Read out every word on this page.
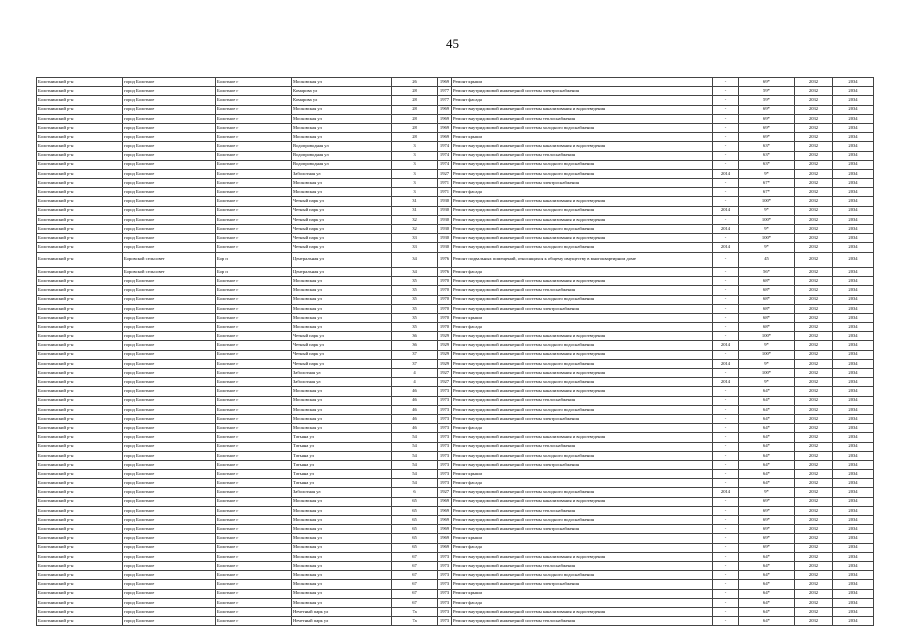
45
Болотнинский р-н	город Болотное	Болотное г	Московская ул	26	1969	Ремонт крыши	-	69*	2032	2034
Болотнинский р-н	город Болотное	Болотное г	Комарова ул	28	1977	Ремонт внутридомовой инженерной системы электроснабжения	-	59*	2032	2034
Болотнинский р-н	город Болотное	Болотное г	Комарова ул	28	1977	Ремонт фасада	-	59*	2032	2034
Болотнинский р-н	город Болотное	Болотное г	Московская ул	28	1969	Ремонт внутридомовой инженерной системы канализования и водоотведения	-	69*	2032	2034
Болотнинский р-н	город Болотное	Болотное г	Московская ул	28	1969	Ремонт внутридомовой инженерной системы теплоснабжения	-	69*	2032	2034
Болотнинский р-н	город Болотное	Болотное г	Московская ул	28	1969	Ремонт внутридомовой инженерной системы холодного водоснабжения	-	69*	2032	2034
Болотнинский р-н	город Болотное	Болотное г	Московская ул	28	1969	Ремонт крыши	-	69*	2032	2034
Болотнинский р-н	город Болотное	Болотное г	Водопроводная ул	3	1974	Ремонт внутридомовой инженерной системы канализования и водоотведения	-	63*	2032	2034
Болотнинский р-н	город Болотное	Болотное г	Водопроводная ул	3	1974	Ремонт внутридомовой инженерной системы теплоснабжения	-	63*	2032	2034
Болотнинский р-н	город Болотное	Болотное г	Водопроводная ул	3	1974	Ремонт внутридомовой инженерной системы холодного водоснабжения	-	63*	2032	2034
Болотнинский р-н	город Болотное	Болотное г	Заболотная ул	3	1927	Ремонт внутридомовой инженерной системы холодного водоснабжения	2014	9*	2032	2034
Болотнинский р-н	город Болотное	Болотное г	Московская ул	3	1971	Ремонт внутридомовой инженерной системы электроснабжения	-	67*	2032	2034
Болотнинский р-н	город Болотное	Болотное г	Московская ул	3	1971	Ремонт фасада	-	67*	2032	2034
Болотнинский р-н	город Болотное	Болотное г	Четный парк ул	31	1930	Ремонт внутридомовой инженерной системы канализования и водоотведения	-	100*	2032	2034
Болотнинский р-н	город Болотное	Болотное г	Четный парк ул	31	1930	Ремонт внутридомовой инженерной системы холодного водоснабжения	2014	9*	2032	2034
Болотнинский р-н	город Болотное	Болотное г	Четный парк ул	32	1930	Ремонт внутридомовой инженерной системы канализования и водоотведения	-	100*	2032	2034
Болотнинский р-н	город Болотное	Болотное г	Четный парк ул	32	1930	Ремонт внутридомовой инженерной системы холодного водоснабжения	2014	9*	2032	2034
Болотнинский р-н	город Болотное	Болотное г	Четный парк ул	33	1930	Ремонт внутридомовой инженерной системы канализования и водоотведения	-	100*	2032	2034
Болотнинский р-н	город Болотное	Болотное г	Четный парк ул	33	1930	Ремонт внутридомовой инженерной системы холодного водоснабжения	2014	9*	2032	2034
Болотнинский р-н	Боровской сельсовет	Бор п	Центральная ул	34	1976	Ремонт подвальных помещений, относящихся к общему имуществу в многоквартирном доме	-	45	2032	2034
Болотнинский р-н	Боровской сельсовет	Бор п	Центральная ул	34	1976	Ремонт фасада	-	56*	2032	2034
Болотнинский р-н	город Болотное	Болотное г	Московская ул	35	1970	Ремонт внутридомовой инженерной системы канализования и водоотведения	-	68*	2032	2034
Болотнинский р-н	город Болотное	Болотное г	Московская ул	35	1970	Ремонт внутридомовой инженерной системы теплоснабжения	-	68*	2032	2034
Болотнинский р-н	город Болотное	Болотное г	Московская ул	35	1970	Ремонт внутридомовой инженерной системы холодного водоснабжения	-	68*	2032	2034
Болотнинский р-н	город Болотное	Болотное г	Московская ул	35	1970	Ремонт внутридомовой инженерной системы электроснабжения	-	68*	2032	2034
Болотнинский р-н	город Болотное	Болотное г	Московская ул	35	1970	Ремонт крыши	-	68*	2032	2034
Болотнинский р-н	город Болотное	Болотное г	Московская ул	35	1970	Ремонт фасада	-	68*	2032	2034
Болотнинский р-н	город Болотное	Болотное г	Четный парк ул	36	1929	Ремонт внутридомовой инженерной системы канализования и водоотведения	-	100*	2032	2034
Болотнинский р-н	город Болотное	Болотное г	Четный парк ул	36	1929	Ремонт внутридомовой инженерной системы холодного водоснабжения	2014	9*	2032	2034
Болотнинский р-н	город Болотное	Болотное г	Четный парк ул	37	1929	Ремонт внутридомовой инженерной системы канализования и водоотведения	-	100*	2032	2034
Болотнинский р-н	город Болотное	Болотное г	Четный парк ул	37	1929	Ремонт внутридомовой инженерной системы холодного водоснабжения	2014	9*	2032	2034
Болотнинский р-н	город Болотное	Болотное г	Заболотная ул	4	1927	Ремонт внутридомовой инженерной системы канализования и водоотведения	-	100*	2032	2034
Болотнинский р-н	город Болотное	Болотное г	Заболотная ул	4	1927	Ремонт внутридомовой инженерной системы холодного водоснабжения	2014	9*	2032	2034
Болотнинский р-н	город Болотное	Болотное г	Московская ул	46	1973	Ремонт внутридомовой инженерной системы канализования и водоотведения	-	64*	2032	2034
Болотнинский р-н	город Болотное	Болотное г	Московская ул	46	1973	Ремонт внутридомовой инженерной системы теплоснабжения	-	64*	2032	2034
Болотнинский р-н	город Болотное	Болотное г	Московская ул	46	1973	Ремонт внутридомовой инженерной системы холодного водоснабжения	-	64*	2032	2034
Болотнинский р-н	город Болотное	Болотное г	Московская ул	46	1973	Ремонт внутридомовой инженерной системы электроснабжения	-	64*	2032	2034
Болотнинский р-н	город Болотное	Болотное г	Московская ул	46	1973	Ремонт фасада	-	64*	2032	2034
Болотнинский р-н	город Болотное	Болотное г	Татьяна ул	54	1973	Ремонт внутридомовой инженерной системы канализования и водоотведения	-	64*	2032	2034
Болотнинский р-н	город Болотное	Болотное г	Татьяна ул	54	1973	Ремонт внутридомовой инженерной системы теплоснабжения	-	64*	2032	2034
Болотнинский р-н	город Болотное	Болотное г	Татьяна ул	54	1973	Ремонт внутридомовой инженерной системы холодного водоснабжения	-	64*	2032	2034
Болотнинский р-н	город Болотное	Болотное г	Татьяна ул	54	1973	Ремонт внутридомовой инженерной системы электроснабжения	-	64*	2032	2034
Болотнинский р-н	город Болотное	Болотное г	Татьяна ул	54	1973	Ремонт крыши	-	64*	2032	2034
Болотнинский р-н	город Болотное	Болотное г	Татьяна ул	54	1973	Ремонт фасада	-	64*	2032	2034
Болотнинский р-н	город Болотное	Болотное г	Заболотная ул	6	1927	Ремонт внутридомовой инженерной системы холодного водоснабжения	2014	9*	2032	2034
Болотнинский р-н	город Болотное	Болотное г	Московская ул	65	1969	Ремонт внутридомовой инженерной системы канализования и водоотведения	-	69*	2032	2034
Болотнинский р-н	город Болотное	Болотное г	Московская ул	65	1969	Ремонт внутридомовой инженерной системы теплоснабжения	-	69*	2032	2034
Болотнинский р-н	город Болотное	Болотное г	Московская ул	65	1969	Ремонт внутридомовой инженерной системы холодного водоснабжения	-	69*	2032	2034
Болотнинский р-н	город Болотное	Болотное г	Московская ул	65	1969	Ремонт внутридомовой инженерной системы электроснабжения	-	69*	2032	2034
Болотнинский р-н	город Болотное	Болотное г	Московская ул	65	1969	Ремонт крыши	-	69*	2032	2034
Болотнинский р-н	город Болотное	Болотное г	Московская ул	65	1969	Ремонт фасада	-	69*	2032	2034
Болотнинский р-н	город Болотное	Болотное г	Московская ул	67	1973	Ремонт внутридомовой инженерной системы канализования и водоотведения	-	64*	2032	2034
Болотнинский р-н	город Болотное	Болотное г	Московская ул	67	1973	Ремонт внутридомовой инженерной системы теплоснабжения	-	64*	2032	2034
Болотнинский р-н	город Болотное	Болотное г	Московская ул	67	1973	Ремонт внутридомовой инженерной системы холодного водоснабжения	-	64*	2032	2034
Болотнинский р-н	город Болотное	Болотное г	Московская ул	67	1973	Ремонт внутридомовой инженерной системы электроснабжения	-	64*	2032	2034
Болотнинский р-н	город Болотное	Болотное г	Московская ул	67	1973	Ремонт крыши	-	64*	2032	2034
Болотнинский р-н	город Болотное	Болотное г	Московская ул	67	1973	Ремонт фасада	-	64*	2032	2034
Болотнинский р-н	город Болотное	Болотное г	Нечетный парк ул	7а	1973	Ремонт внутридомовой инженерной системы канализования и водоотведения	-	64*	2032	2034
Болотнинский р-н	город Болотное	Болотное г	Нечетный парк ул	7а	1973	Ремонт внутридомовой инженерной системы теплоснабжения	-	64*	2032	2034
